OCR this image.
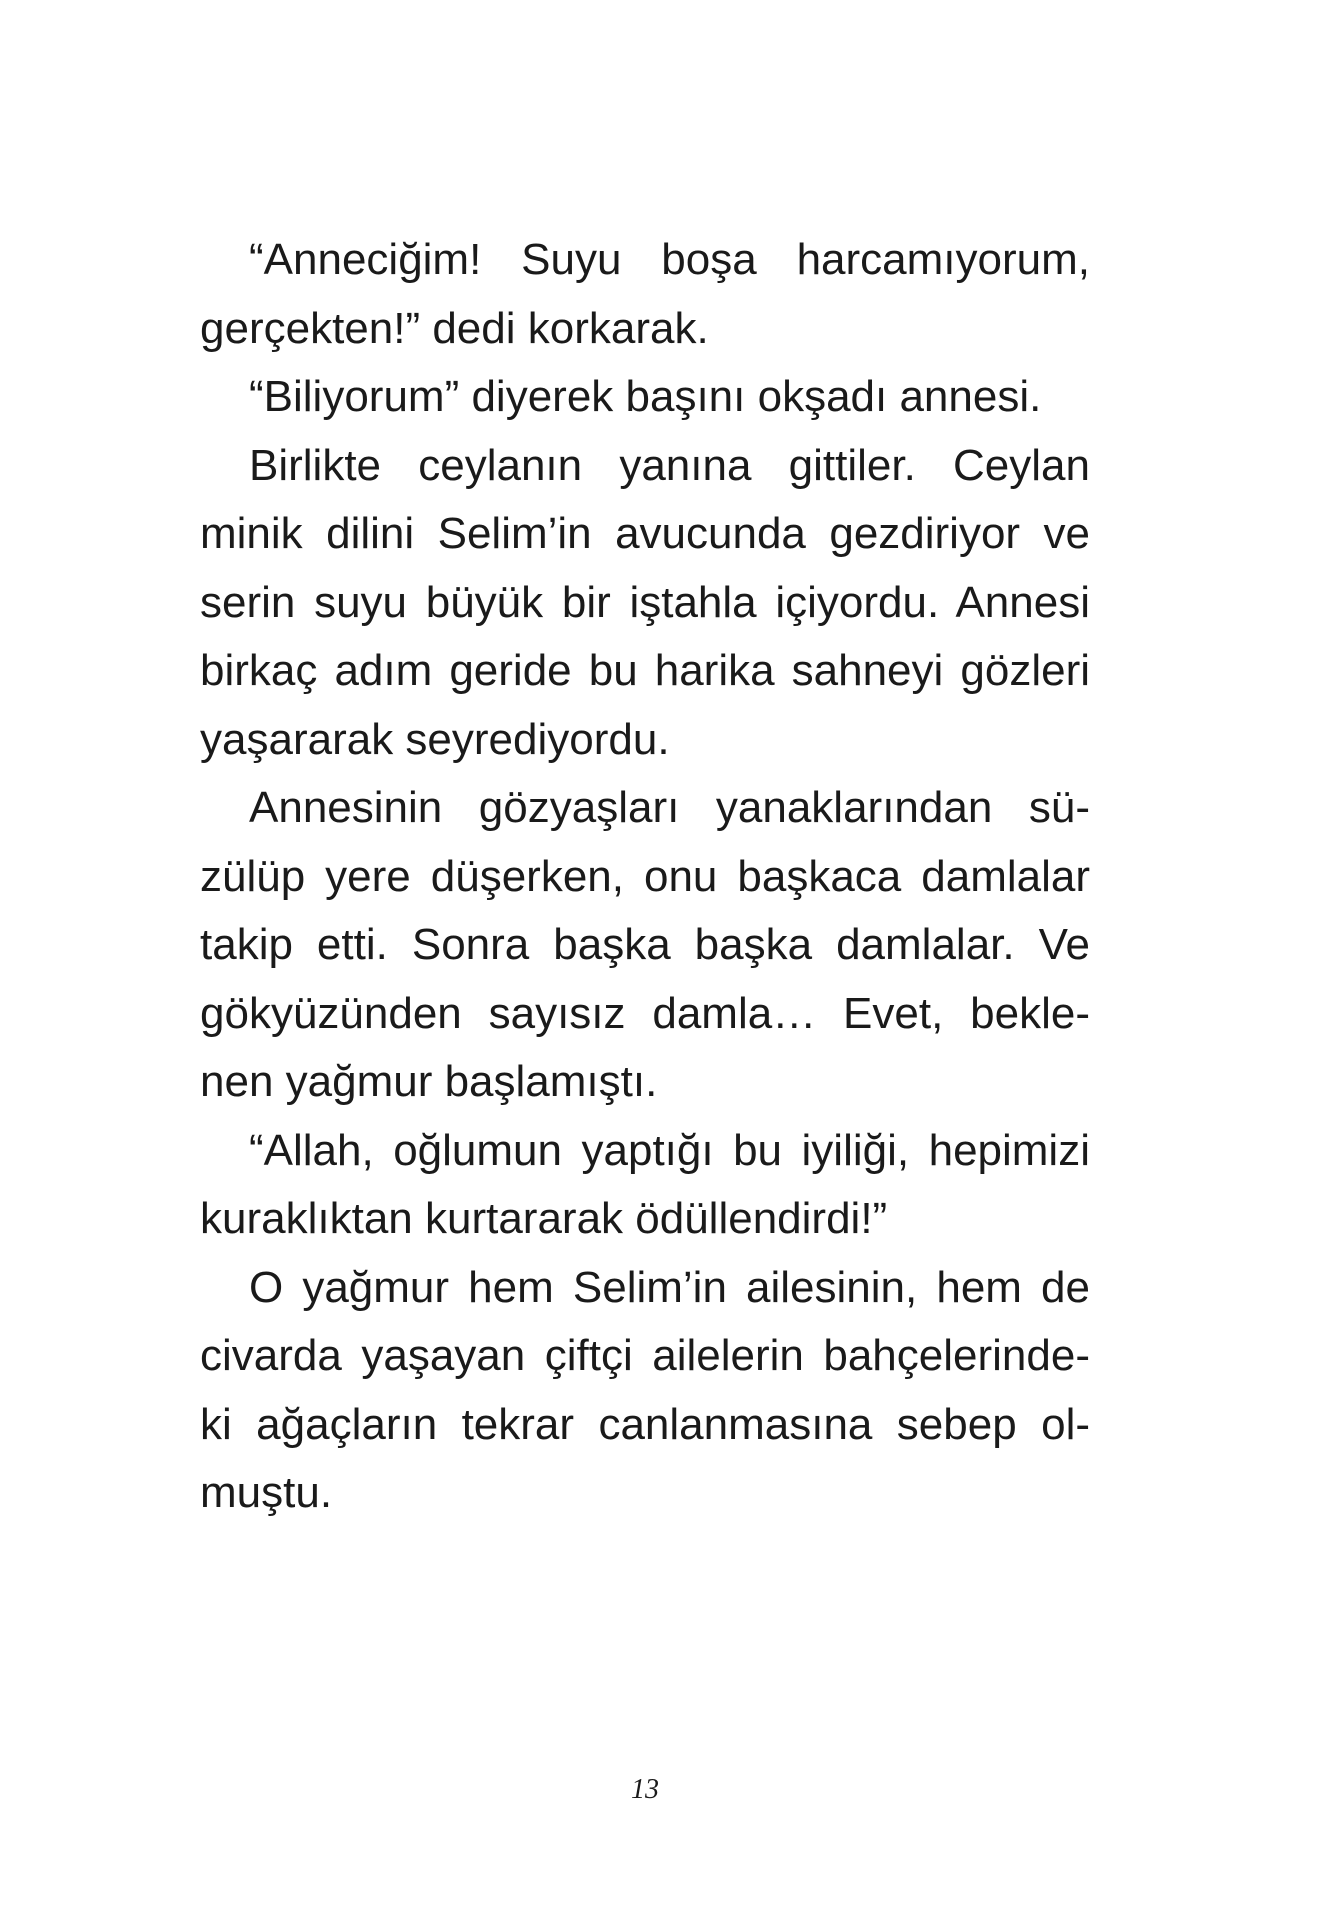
“Anneciğim! Suyu boşa harcamıyorum,
gerçekten!” dedi korkarak.
“Biliyorum” diyerek başını okşadı annesi.
Birlikte ceylanın yanına gittiler. Ceylan
minik dilini Selim’in avucunda gezdiriyor ve
serin suyu büyük bir iştahla içiyordu. Annesi
birkaç adım geride bu harika sahneyi gözleri
yaşararak seyrediyordu.
Annesinin gözyaşları yanaklarından sü-
zülüp yere düşerken, onu başkaca damlalar
takip etti. Sonra başka başka damlalar. Ve
gökyüzünden sayısız damla… Evet, bekle-
nen yağmur başlamıştı.
“Allah, oğlumun yaptığı bu iyiliği, hepimizi
kuraklıktan kurtararak ödüllendirdi!”
O yağmur hem Selim’in ailesinin, hem de
civarda yaşayan çiftçi ailelerin bahçelerinde-
ki ağaçların tekrar canlanmasına sebep ol-
muştu.
13
